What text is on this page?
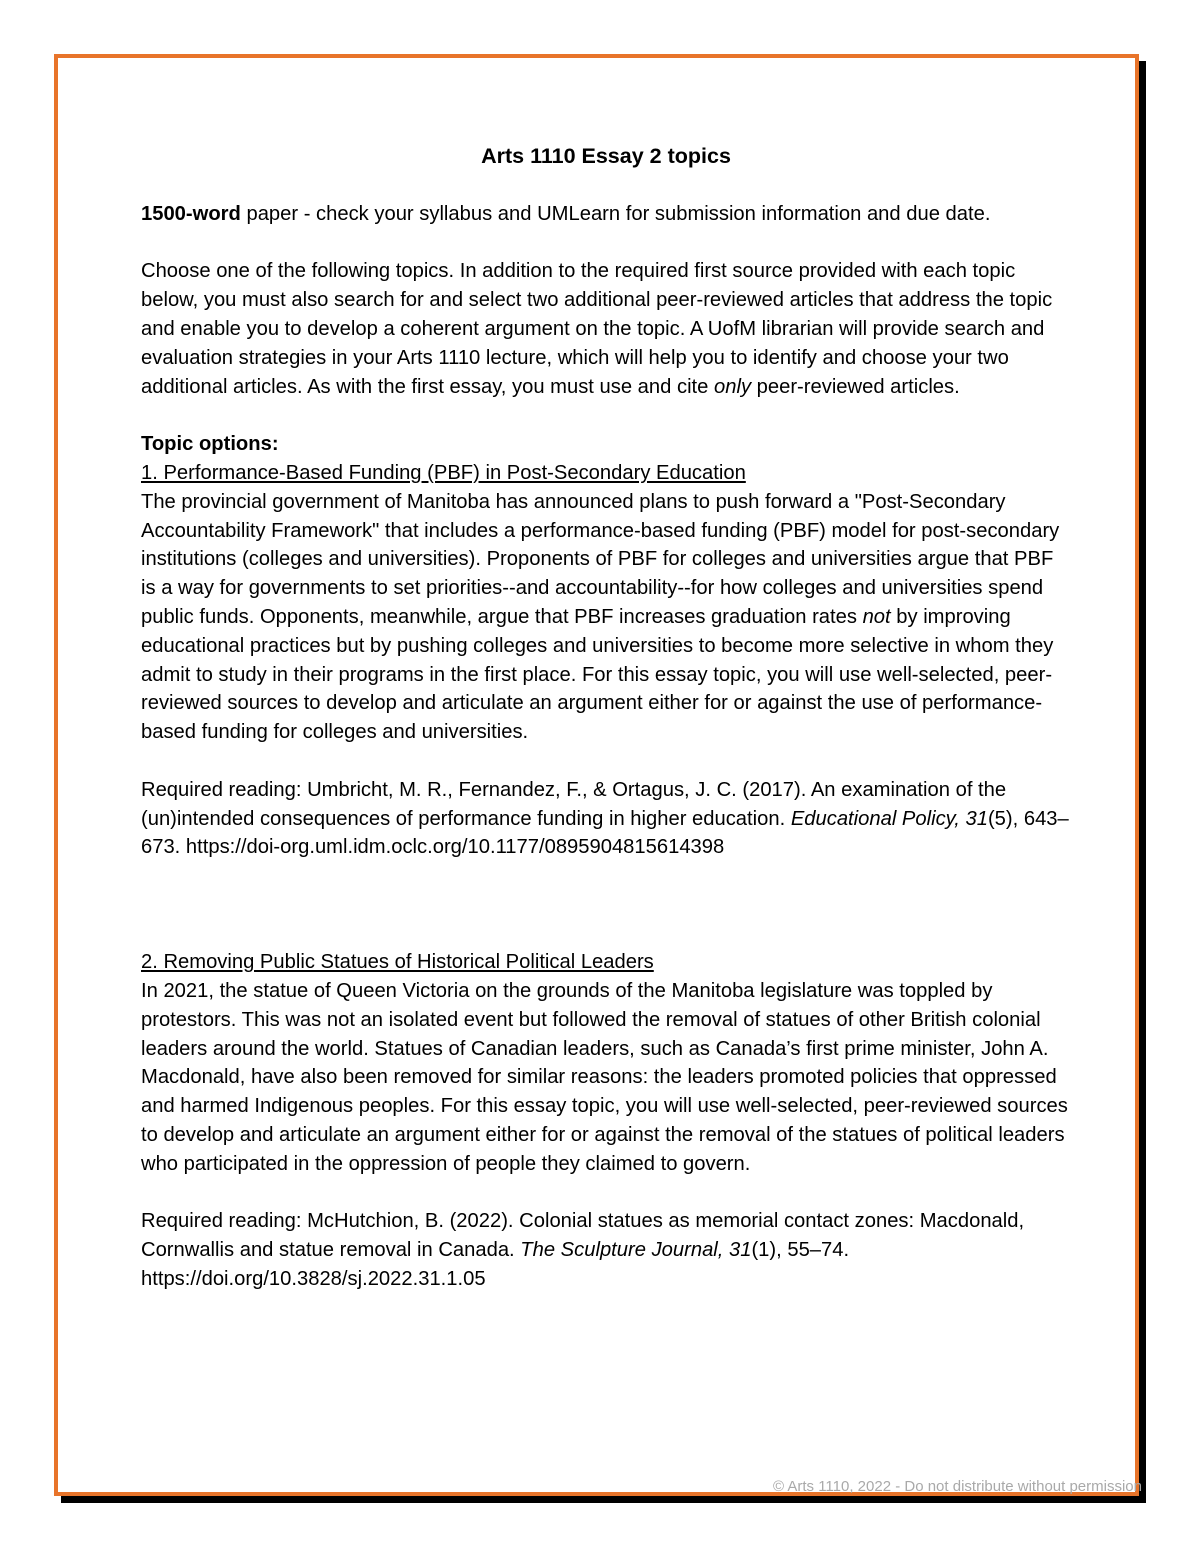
Arts 1110 Essay 2 topics

1500-word paper - check your syllabus and UMLearn for submission information and due date.

Choose one of the following topics. In addition to the required first source provided with each topic below, you must also search for and select two additional peer-reviewed articles that address the topic and enable you to develop a coherent argument on the topic. A UofM librarian will provide search and evaluation strategies in your Arts 1110 lecture, which will help you to identify and choose your two additional articles. As with the first essay, you must use and cite only peer-reviewed articles.

Topic options:

1. Performance-Based Funding (PBF) in Post-Secondary Education

The provincial government of Manitoba has announced plans to push forward a "Post-Secondary Accountability Framework" that includes a performance-based funding (PBF) model for post-secondary institutions (colleges and universities). Proponents of PBF for colleges and universities argue that PBF is a way for governments to set priorities--and accountability--for how colleges and universities spend public funds. Opponents, meanwhile, argue that PBF increases graduation rates not by improving educational practices but by pushing colleges and universities to become more selective in whom they admit to study in their programs in the first place. For this essay topic, you will use well-selected, peer-reviewed sources to develop and articulate an argument either for or against the use of performance-based funding for colleges and universities.

Required reading: Umbricht, M. R., Fernandez, F., & Ortagus, J. C. (2017). An examination of the (un)intended consequences of performance funding in higher education. Educational Policy, 31(5), 643–673. https://doi-org.uml.idm.oclc.org/10.1177/0895904815614398

2. Removing Public Statues of Historical Political Leaders

In 2021, the statue of Queen Victoria on the grounds of the Manitoba legislature was toppled by protestors. This was not an isolated event but followed the removal of statues of other British colonial leaders around the world. Statues of Canadian leaders, such as Canada’s first prime minister, John A. Macdonald, have also been removed for similar reasons: the leaders promoted policies that oppressed and harmed Indigenous peoples. For this essay topic, you will use well-selected, peer-reviewed sources to develop and articulate an argument either for or against the removal of the statues of political leaders who participated in the oppression of people they claimed to govern.

Required reading: McHutchion, B. (2022). Colonial statues as memorial contact zones: Macdonald, Cornwallis and statue removal in Canada. The Sculpture Journal, 31(1), 55–74. https://doi.org/10.3828/sj.2022.31.1.05

© Arts 1110, 2022 - Do not distribute without permission
